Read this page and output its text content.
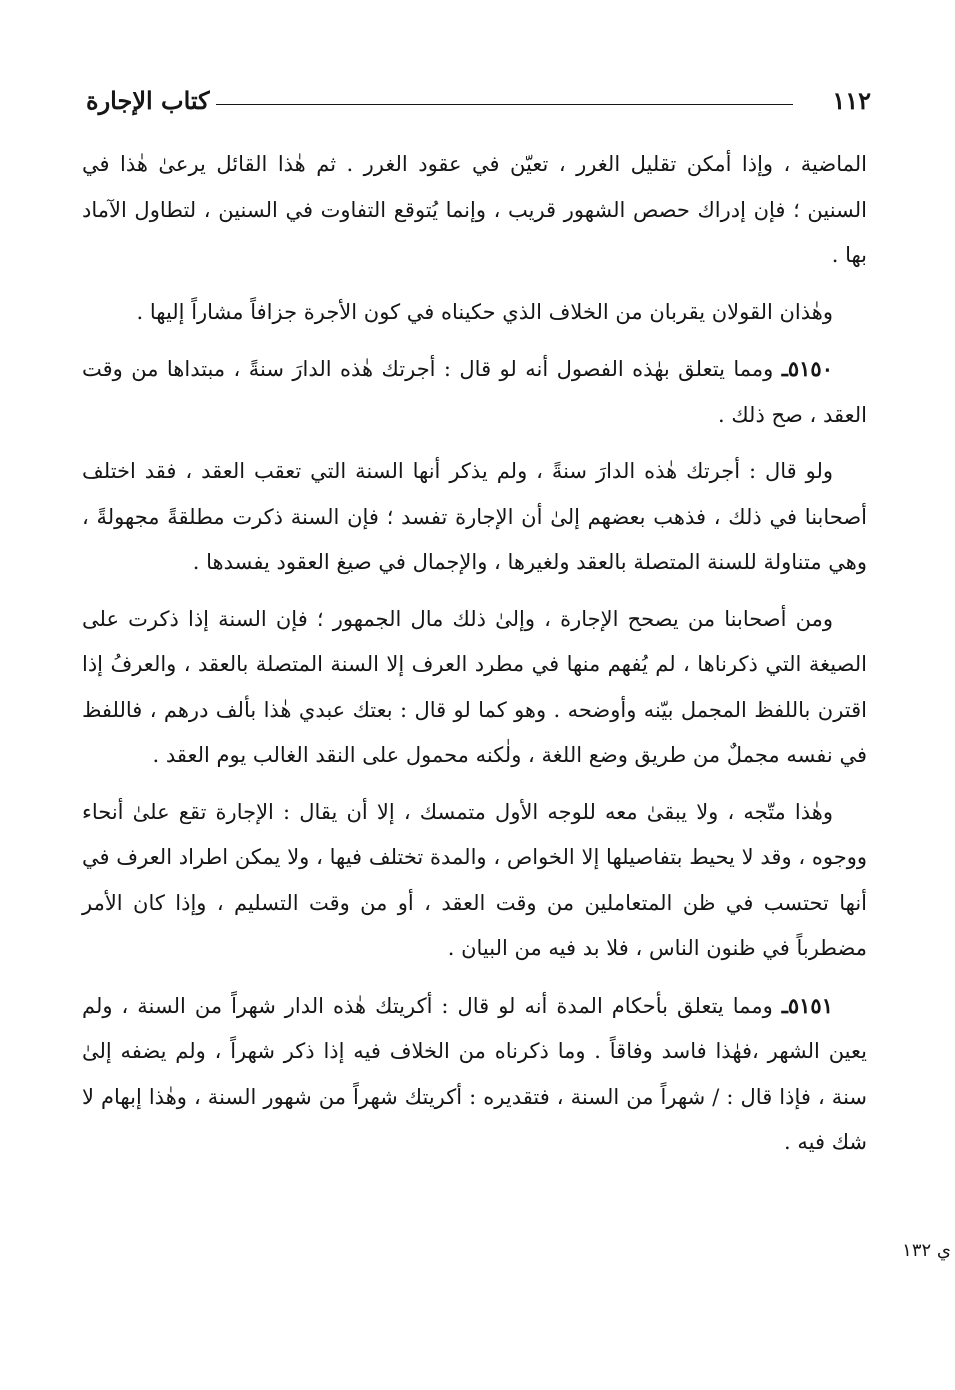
كتاب الإجارة	١١٢

الماضية ، وإذا أمكن تقليل الغرر ، تعيّن في عقود الغرر . ثم هٰذا القائل يرعىٰ هٰذا في السنين ؛ فإن إدراك حصص الشهور قريب ، وإنما يُتوقع التفاوت في السنين ، لتطاول الآماد بها .

وهٰذان القولان يقربان من الخلاف الذي حكيناه في كون الأجرة جزافاً مشاراً إليها .

٥١٥٠ـ ومما يتعلق بهٰذه الفصول أنه لو قال : أجرتك هٰذه الدارَ سنةً ، مبتداها من وقت العقد ، صح ذلك .

ولو قال : أجرتك هٰذه الدارَ سنةً ، ولم يذكر أنها السنة التي تعقب العقد ، فقد اختلف أصحابنا في ذلك ، فذهب بعضهم إلىٰ أن الإجارة تفسد ؛ فإن السنة ذكرت مطلقةً مجهولةً ، وهي متناولة للسنة المتصلة بالعقد ولغيرها ، والإجمال في صيغ العقود يفسدها .

ومن أصحابنا من يصحح الإجارة ، وإلىٰ ذلك مال الجمهور ؛ فإن السنة إذا ذكرت على الصيغة التي ذكرناها ، لم يُفهم منها في مطرد العرف إلا السنة المتصلة بالعقد ، والعرفُ إذا اقترن باللفظ المجمل بيّنه وأوضحه . وهو كما لو قال : بعتك عبدي هٰذا بألف درهم ، فاللفظ في نفسه مجملٌ من طريق وضع اللغة ، ولٰكنه محمول على النقد الغالب يوم العقد .

وهٰذا متّجه ، ولا يبقىٰ معه للوجه الأول متمسك ، إلا أن يقال : الإجارة تقع علىٰ أنحاء ووجوه ، وقد لا يحيط بتفاصيلها إلا الخواص ، والمدة تختلف فيها ، ولا يمكن اطراد العرف في أنها تحتسب في ظن المتعاملين من وقت العقد ، أو من وقت التسليم ، وإذا كان الأمر مضطرباً في ظنون الناس ، فلا بد فيه من البيان .

٥١٥١ـ ومما يتعلق بأحكام المدة أنه لو قال : أكريتك هٰذه الدار شهراً من السنة ، ولم يعين الشهر ،فهٰذا فاسد وفاقاً . وما ذكرناه من الخلاف فيه إذا ذكر شهراً ، ولم يضفه إلىٰ سنة ، فإذا قال : / شهراً من السنة ، فتقديره : أكريتك شهراً من شهور السنة ، وهٰذا إبهام لا شك فيه .

ي ١٣٢
